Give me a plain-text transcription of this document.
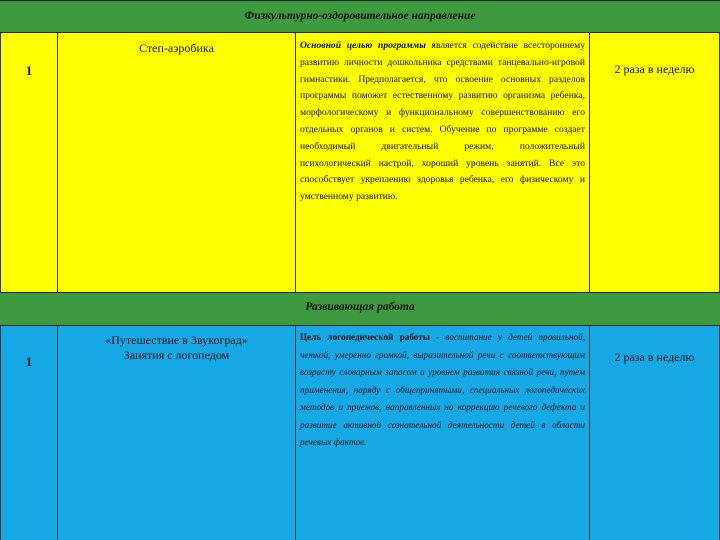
Физкультурно-оздоровительное направление
1
Степ-аэробика	Основной целью программы является содействие всестороннему развитию личности дошкольника средствами танцевально-игровой гимнастики. Предполагается, что освоение основных разделов программы поможет естественному развитию организма ребенка, морфологическому и функциональному совершенствованию его отдельных органов и систем. Обучение по программе создает необходимый двигательный режим, положительный психологический настрой, хороший уровень занятий. Все это способствует укреплению здоровья ребенка, его физическому и умственному развитию.
2 раза в неделю
Развивающая работа
1
«Путешествие в Звукоград»
Занятия с логопедом
Цель логопедической работы - воспитание у детей правильной, четкой, умеренно громкой, выразительной речи с соответствующим возрасту словарным запасом и уровнем развития связной речи, путем применения, наряду с общепринятыми, специальных логопедических методов и приемов, направленных на коррекцию речевого дефекта и развитие активной сознательной деятельности детей в области речевых фактов.
2 раза в неделю
